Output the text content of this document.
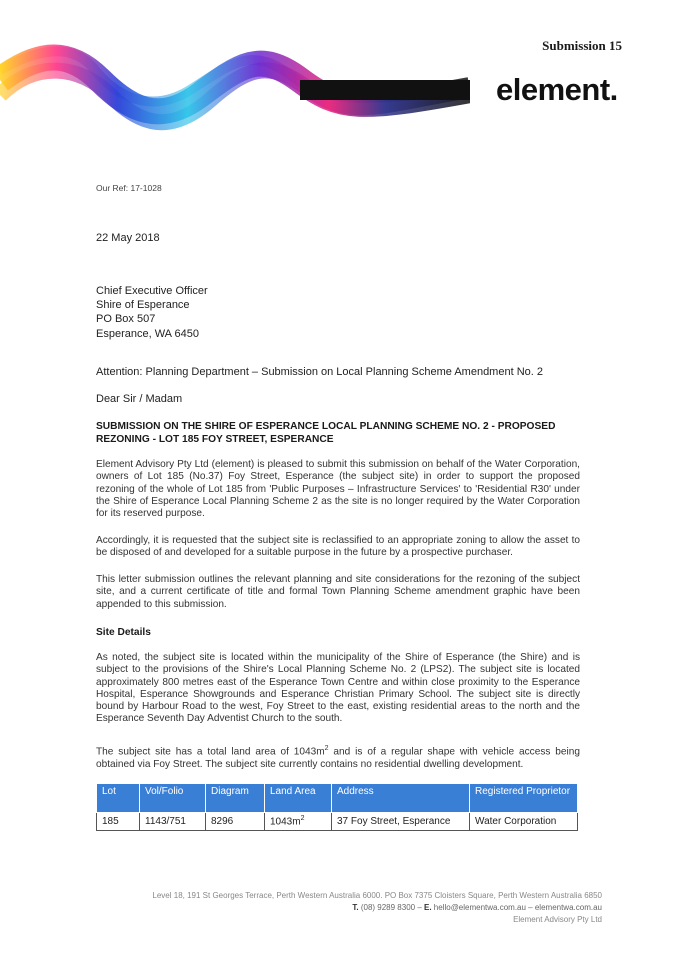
Submission 15
element.
Our Ref: 17-1028
22 May 2018
Chief Executive Officer
Shire of Esperance
PO Box 507
Esperance, WA 6450
Attention: Planning Department – Submission on Local Planning Scheme Amendment No. 2
Dear Sir / Madam
SUBMISSION ON THE SHIRE OF ESPERANCE LOCAL PLANNING SCHEME NO. 2 - PROPOSED REZONING - LOT 185 FOY STREET, ESPERANCE

Element Advisory Pty Ltd (element) is pleased to submit this submission on behalf of the Water Corporation, owners of Lot 185 (No.37) Foy Street, Esperance (the subject site) in order to support the proposed rezoning of the whole of Lot 185 from 'Public Purposes – Infrastructure Services' to 'Residential R30' under the Shire of Esperance Local Planning Scheme 2 as the site is no longer required by the Water Corporation for its reserved purpose.

Accordingly, it is requested that the subject site is reclassified to an appropriate zoning to allow the asset to be disposed of and developed for a suitable purpose in the future by a prospective purchaser.

This letter submission outlines the relevant planning and site considerations for the rezoning of the subject site, and a current certificate of title and formal Town Planning Scheme amendment graphic have been appended to this submission.

Site Details

As noted, the subject site is located within the municipality of the Shire of Esperance (the Shire) and is subject to the provisions of the Shire's Local Planning Scheme No. 2 (LPS2). The subject site is located approximately 800 metres east of the Esperance Town Centre and within close proximity to the Esperance Hospital, Esperance Showgrounds and Esperance Christian Primary School. The subject site is directly bound by Harbour Road to the west, Foy Street to the east, existing residential areas to the north and the Esperance Seventh Day Adventist Church to the south.

The subject site has a total land area of $1043m^2$ and is of a regular shape with vehicle access being obtained via Foy Street. The subject site currently contains no residential dwelling development.

Lot	Vol/Folio	Diagram	Land Area	Address	Registered Proprietor
185	1143/751	8296	$1043m^2$	37 Foy Street, Esperance	Water Corporation
Level 18, 191 St Georges Terrace, Perth Western Australia 6000. PO Box 7375 Cloisters Square, Perth Western Australia 6850
T. (08) 9289 8300 – E. hello@elementwa.com.au – elementwa.com.au
Element Advisory Pty Ltd
